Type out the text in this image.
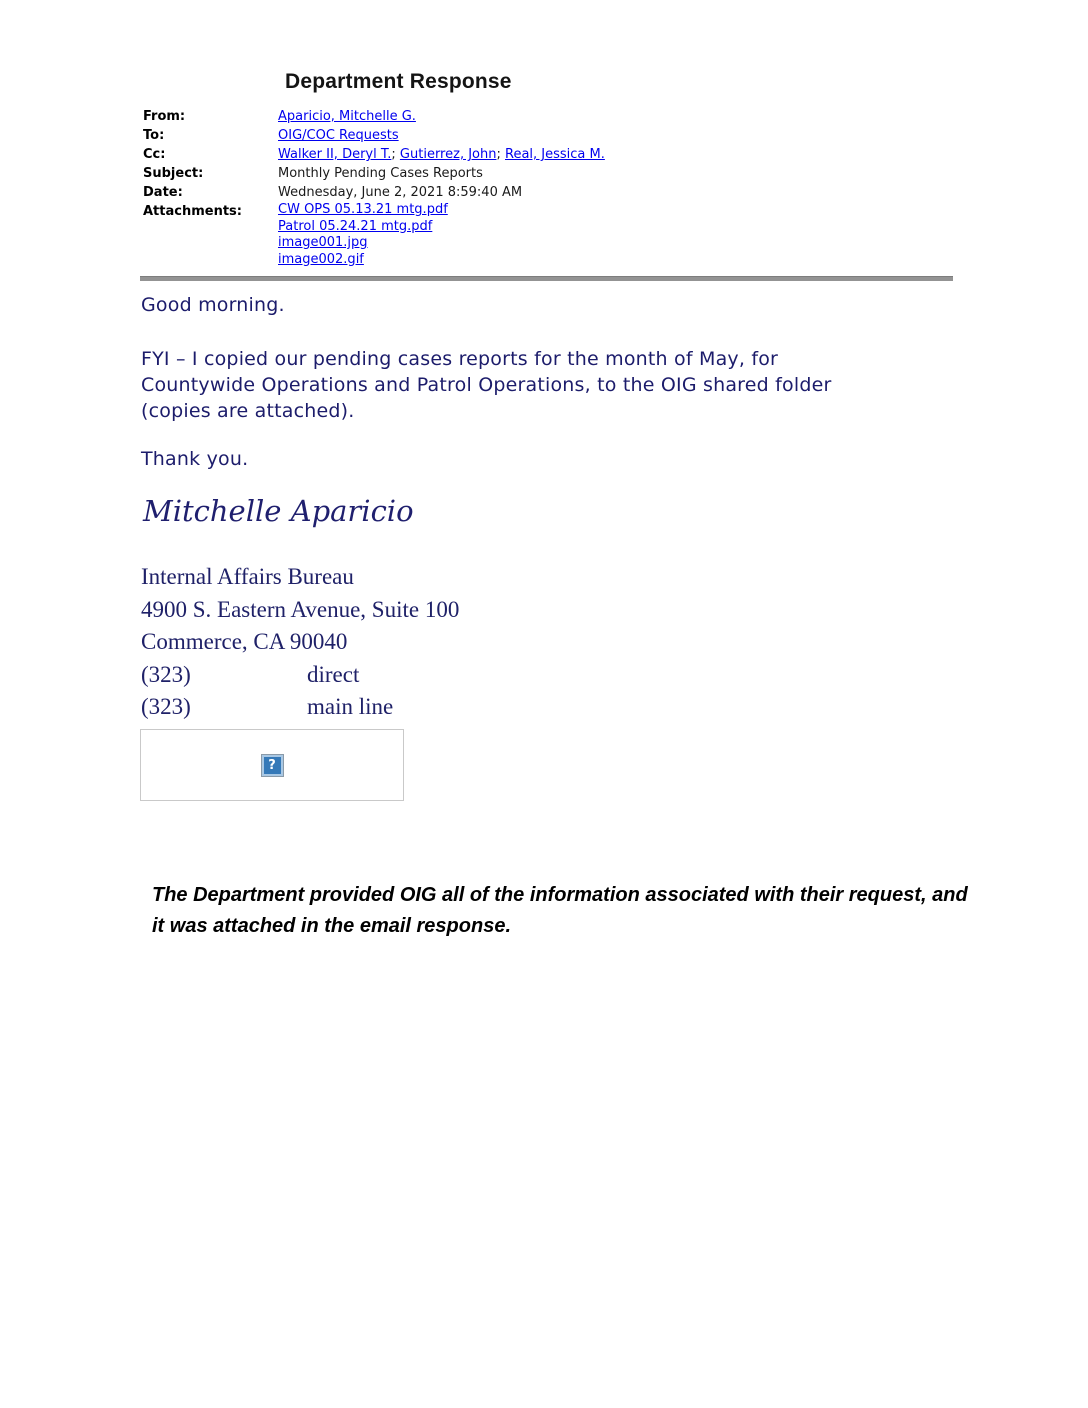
Department Response
From:	Aparicio, Mitchelle G.
To:	OIG/COC Requests
Cc:	Walker II, Deryl T.; Gutierrez, John; Real, Jessica M.
Subject:	Monthly Pending Cases Reports
Date:	Wednesday, June 2, 2021 8:59:40 AM
Attachments:	CW OPS 05.13.21 mtg.pdf
Patrol 05.24.21 mtg.pdf
image001.jpg
image002.gif
Good morning.
FYI – I copied our pending cases reports for the month of May, for
Countywide Operations and Patrol Operations, to the OIG shared folder
(copies are attached).
Thank you.
Mitchelle Aparicio
Internal Affairs Bureau
4900 S. Eastern Avenue, Suite 100
Commerce, CA 90040
(323)	direct
(323)	main line
?
The Department provided OIG all of the information associated with their request, and
it was attached in the email response.
